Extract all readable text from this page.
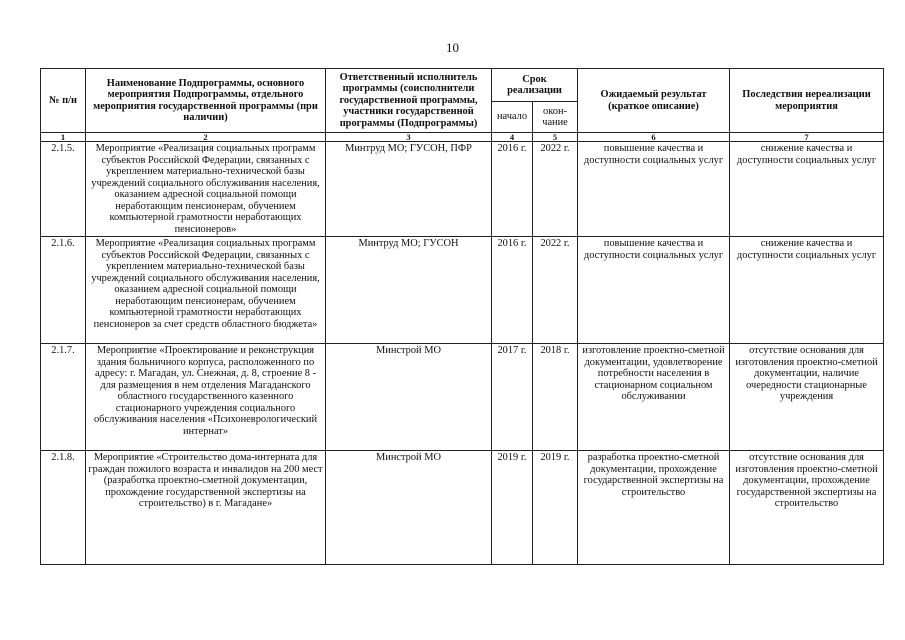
10
№ п/н	Наименование Подпрограммы, основного мероприятия Подпрограммы, отдельного мероприятия государственной программы (при наличии)	Ответственный исполнитель программы (соисполнители государственной программы, участники государственной программы (Подпрограммы)	Срок реализации		Ожидаемый результат (краткое описание)	Последствия нереализации мероприятия
			начало	окон-чание		
1	2	3	4	5	6	7
2.1.5.	Мероприятие «Реализация социальных программ субъектов Российской Федерации, связанных с укреплением материально-технической базы учреждений социального обслуживания населения, оказанием адресной социальной помощи неработающим пенсионерам, обучением компьютерной грамотности неработающих пенсионеров»	Минтруд МО; ГУСОН, ПФР	2016 г.	2022 г.	повышение качества и доступности социальных услуг	снижение качества и доступности социальных услуг
2.1.6.	Мероприятие «Реализация социальных программ субъектов Российской Федерации, связанных с укреплением материально-технической базы учреждений социального обслуживания населения, оказанием адресной социальной помощи неработающим пенсионерам, обучением компьютерной грамотности неработающих пенсионеров за счет средств областного бюджета»	Минтруд МО; ГУСОН	2016 г.	2022 г.	повышение качества и доступности социальных услуг	снижение качества и доступности социальных услуг
2.1.7.	Мероприятие «Проектирование и реконструкция здания больничного корпуса, расположенного по адресу: г. Магадан, ул. Снежная, д. 8, строение 8 - для размещения в нем отделения Магаданского областного государственного казенного стационарного учреждения социального обслуживания населения «Психоневрологический интернат»	Минстрой МО	2017 г.	2018 г.	изготовление проектно-сметной документации, удовлетворение потребности населения в стационарном социальном обслуживании	отсутствие основания для изготовления проектно-сметной документации, наличие очередности стационарные учреждения
2.1.8.	Мероприятие «Строительство дома-интерната для граждан пожилого возраста и инвалидов на 200 мест (разработка проектно-сметной документации, прохождение государственной экспертизы на строительство) в г. Магадане»	Минстрой МО	2019 г.	2019 г.	разработка проектно-сметной документации, прохождение государственной экспертизы на строительство	отсутствие основания для изготовления проектно-сметной документации, прохождение государственной экспертизы на строительство
